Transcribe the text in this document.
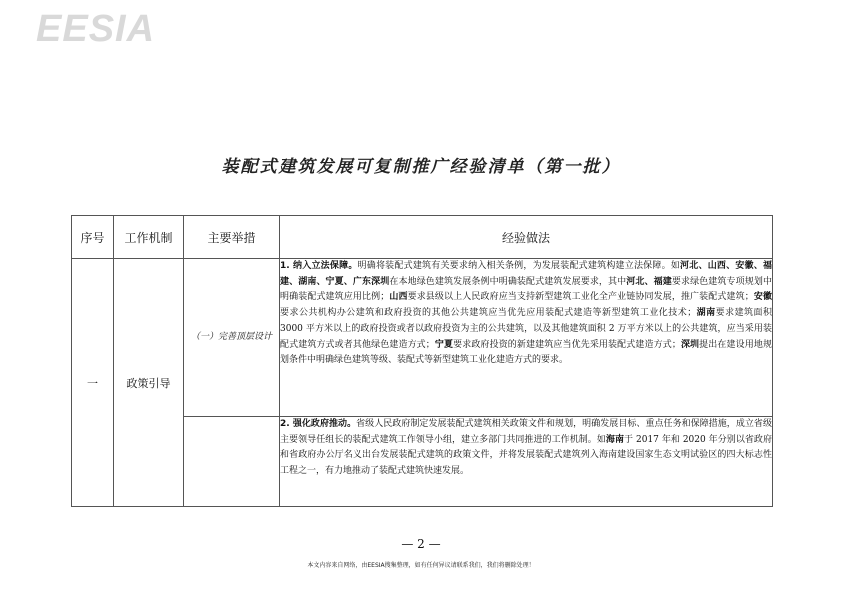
EESIA
装配式建筑发展可复制推广经验清单（第一批）
序号	工作机制	主要举措	经验做法
一	政策引导	（一）完善顶层设计	1. 纳入立法保障。明确将装配式建筑有关要求纳入相关条例，为发展装配式建筑构建立法保障。如河北、山西、安徽、福建、湖南、宁夏、广东深圳在本地绿色建筑发展条例中明确装配式建筑发展要求，其中河北、福建要求绿色建筑专项规划中明确装配式建筑应用比例；山西要求县级以上人民政府应当支持新型建筑工业化全产业链协同发展，推广装配式建筑；安徽要求公共机构办公建筑和政府投资的其他公共建筑应当优先应用装配式建造等新型建筑工业化技术；湖南要求建筑面积 3000 平方米以上的政府投资或者以政府投资为主的公共建筑，以及其他建筑面积 2 万平方米以上的公共建筑，应当采用装配式建筑方式或者其他绿色建造方式；宁夏要求政府投资的新建建筑应当优先采用装配式建造方式；深圳提出在建设用地规划条件中明确绿色建筑等级、装配式等新型建筑工业化建造方式的要求。
			2. 强化政府推动。省级人民政府制定发展装配式建筑相关政策文件和规划，明确发展目标、重点任务和保障措施，成立省级主要领导任组长的装配式建筑工作领导小组，建立多部门共同推进的工作机制。如海南于 2017 年和 2020 年分别以省政府和省政府办公厅名义出台发展装配式建筑的政策文件，并将发展装配式建筑列入海南建设国家生态文明试验区的四大标志性工程之一，有力地推动了装配式建筑快速发展。
— 2 —
本文内容来自网络，由EESIA搜集整理，如有任何异议请联系我们，我们将删除处理！
